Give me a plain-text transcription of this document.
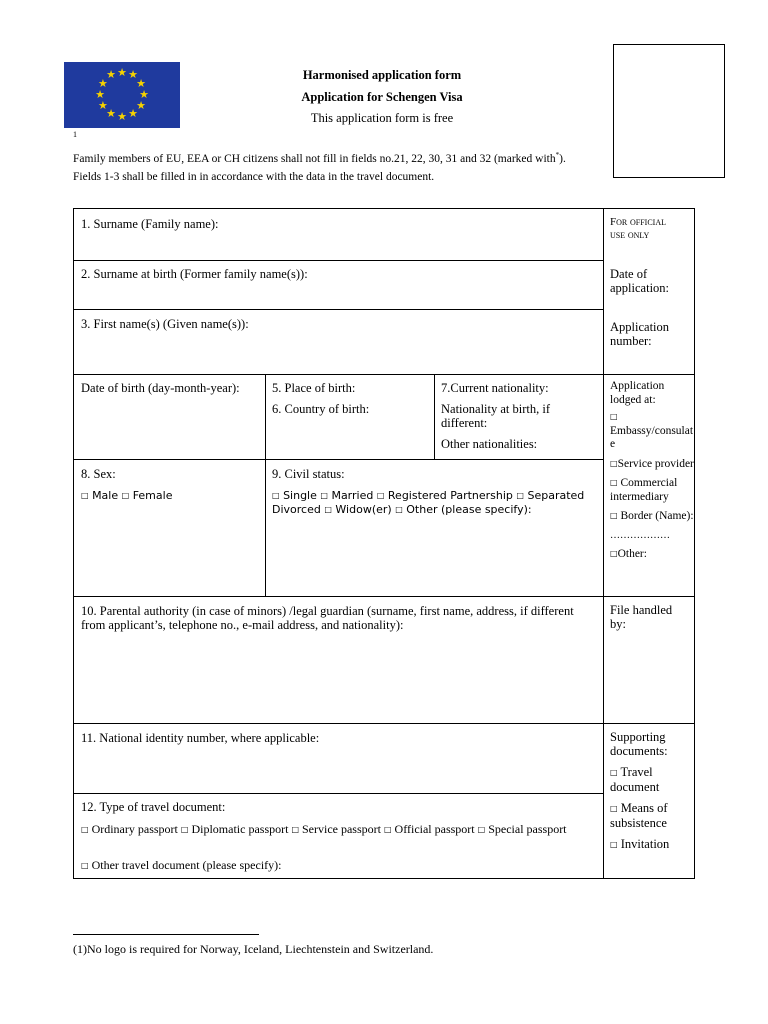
★ ★
★
★
★
★
★
★
★
★
★
★	Harmonised application form
Application for Schengen Visa
This application form is free
1
Family members of EU, EEA or CH citizens shall not fill in fields no.21, 22, 30, 31 and 32 (marked with*).
Fields 1-3 shall be filled in in accordance with the data in the travel document.
1. Surname (Family name):
2. Surname at birth (Former family name(s)):
3. First name(s) (Given name(s)):
Date of birth (day-month-year):	5. Place of birth:
6. Country of birth:
7.Current nationality:
Nationality at birth, if different:
Other nationalities:
8. Sex:
□ Male □ Female
9. Civil status:
□ Single □ Married □ Registered Partnership □ Separated Divorced □ Widow(er) □ Other (please specify):
10. Parental authority (in case of minors) /legal guardian (surname, first name, address, if different from applicant’s, telephone no., e-mail address, and nationality):
11. National identity number, where applicable:
12. Type of travel document:
□ Ordinary passport □ Diplomatic passport □ Service passport □ Official passport □ Special passport
□ Other travel document (please specify):
For official
use only
Date of application:
Application number:
Application lodged at:
□
Embassy/consulate
□Service provider
□ Commercial intermediary
□ Border (Name):
………………
□Other:
File handled by:
Supporting documents:
□ Travel document
□ Means of subsistence
□ Invitation
(1)No logo is required for Norway, Iceland, Liechtenstein and Switzerland.
